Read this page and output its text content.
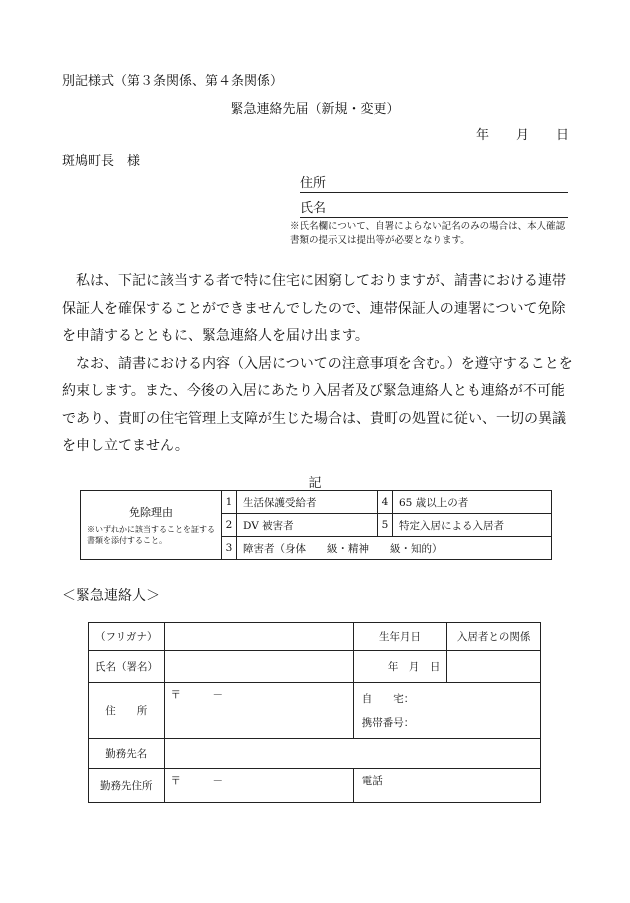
別記様式（第３条関係、第４条関係）
緊急連絡先届（新規・変更）
年 月 日
斑鳩町長　様
住所
氏名
※氏名欄について、自署によらない記名のみの場合は、本人確認書類の提示又は提出等が必要となります。

私は、下記に該当する者で特に住宅に困窮しておりますが、請書における連帯保証人を確保することができませんでしたので、連帯保証人の連署について免除を申請するとともに、緊急連絡人を届け出ます。

なお、請書における内容（入居についての注意事項を含む。）を遵守することを約束します。また、今後の入居にあたり入居者及び緊急連絡人とも連絡が不可能であり、貴町の住宅管理上支障が生じた場合は、貴町の処置に従い、一切の異議を申し立てません。

記
免除理由
※いずれかに該当することを証する書類を添付すること。	1	生活保護受給者	4	65 歳以上の者
	2	DV 被害者	5	特定入居による入居者
	3	障害者（身体　　級・精神　　級・知的）		
＜緊急連絡人＞
（フリガナ）		生年月日	入居者との関係
氏名（署名）		年　月　日	
住　　所	〒　　　－	自　　宅：
携帯番号：	

勤務先名			
勤務先住所	〒　　　－	電話	
